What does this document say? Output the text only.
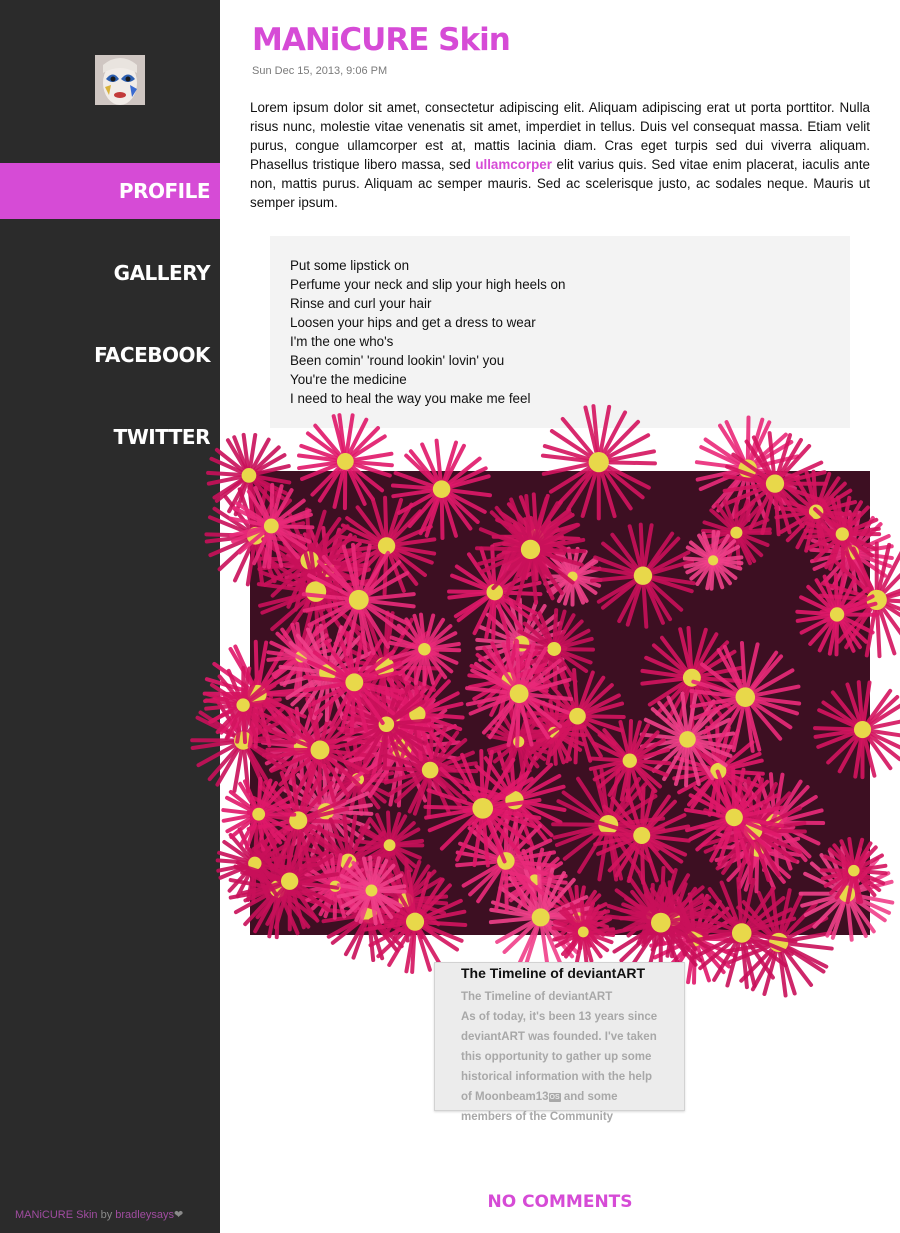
PROFILE
GALLERY
FACEBOOK
TWITTER
MANiCURE Skin by bradleysays❤
MANiCURE Skin
Sun Dec 15, 2013, 9:06 PM

Lorem ipsum dolor sit amet, consectetur adipiscing elit. Aliquam adipiscing erat ut porta porttitor. Nulla risus nunc, molestie vitae venenatis sit amet, imperdiet in tellus. Duis vel consequat massa. Etiam velit purus, congue ullamcorper est at, mattis lacinia diam. Cras eget turpis sed dui viverra aliquam. Phasellus tristique libero massa, sed ullamcorper elit varius quis. Sed vitae enim placerat, iaculis ante non, mattis purus. Aliquam ac semper mauris. Sed ac scelerisque justo, ac sodales neque. Mauris ut semper ipsum.

Put some lipstick on
Perfume your neck and slip your high heels on
Rinse and curl your hair
Loosen your hips and get a dress to wear
I'm the one who's
Been comin' 'round lookin' lovin' you
You're the medicine
I need to heal the way you make me feel
The Timeline of deviantART
The Timeline of deviantART
As of today, it's been 13 years since deviantART was founded. I've taken this opportunity to gather up some historical information with the help of Moonbeam13OS and some members of the Community
NO COMMENTS
